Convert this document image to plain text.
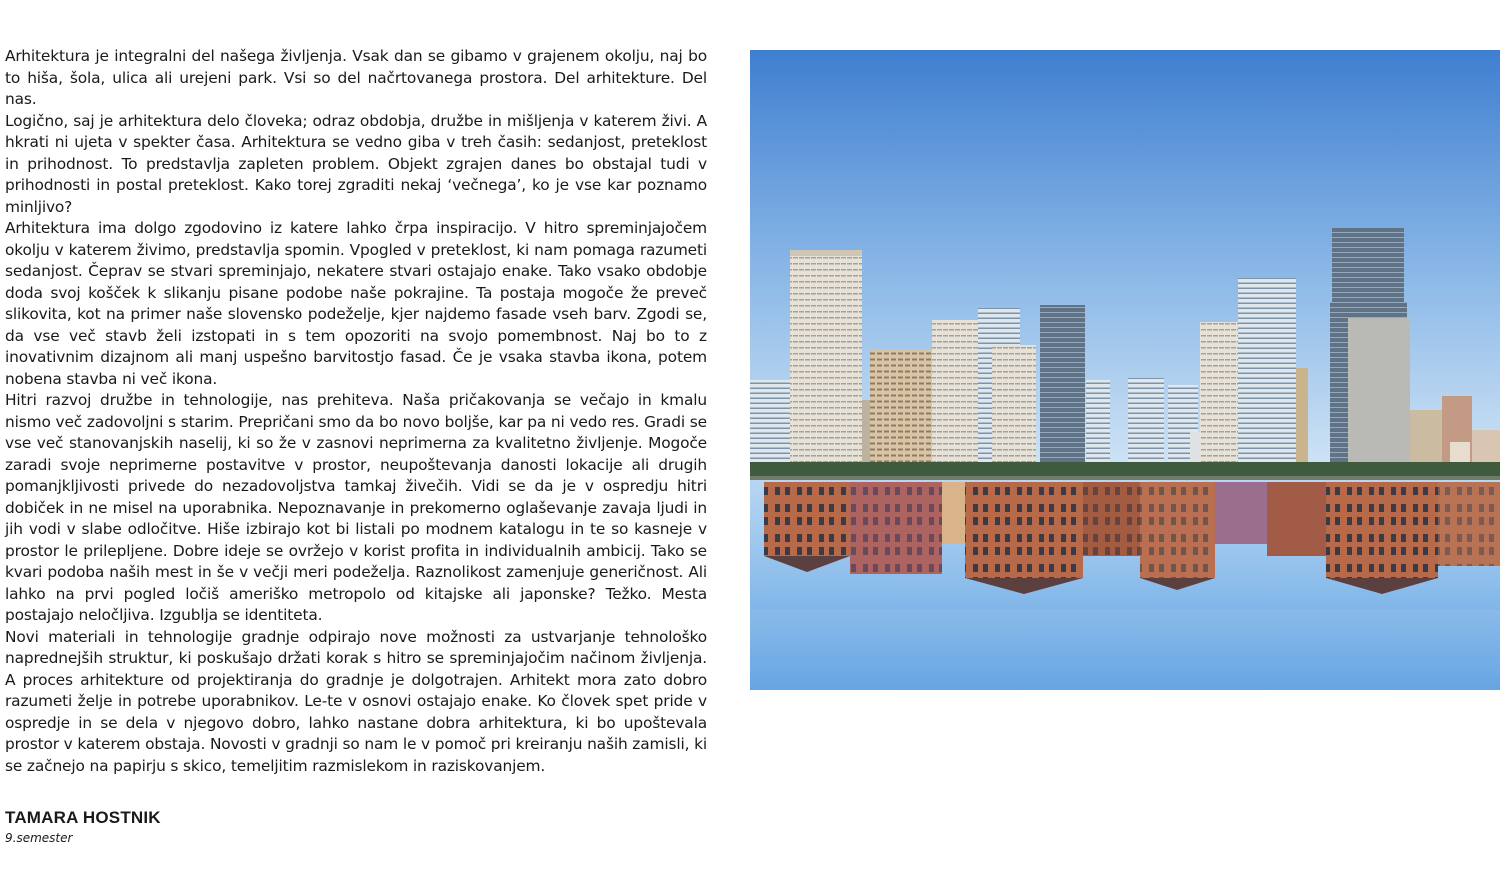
Arhitektura je integralni del našega življenja. Vsak dan se gibamo v grajenem okolju, naj bo to hiša, šola, ulica ali urejeni park. Vsi so del načrtovanega prostora. Del arhitekture. Del nas.

Logično, saj je arhitektura delo človeka; odraz obdobja, družbe in mišljenja v katerem živi. A hkrati ni ujeta v spekter časa. Arhitektura se vedno giba v treh časih: sedanjost, preteklost in prihodnost. To predstavlja zapleten problem. Objekt zgrajen danes bo obstajal tudi v prihodnosti in postal preteklost. Kako torej zgraditi nekaj ‘večnega’, ko je vse kar poznamo minljivo?

Arhitektura ima dolgo zgodovino iz katere lahko črpa inspiracijo. V hitro spreminjajočem okolju v katerem živimo, predstavlja spomin. Vpogled v preteklost, ki nam pomaga razumeti sedanjost. Čeprav se stvari spreminjajo, nekatere stvari ostajajo enake. Tako vsako obdobje doda svoj košček k slikanju pisane podobe naše pokrajine. Ta postaja mogoče že preveč slikovita, kot na primer naše slovensko podeželje, kjer najdemo fasade vseh barv. Zgodi se, da vse več stavb želi izstopati in s tem opozoriti na svojo pomembnost. Naj bo to z inovativnim dizajnom ali manj uspešno barvitostjo fasad. Če je vsaka stavba ikona, potem nobena stavba ni več ikona.

Hitri razvoj družbe in tehnologije, nas prehiteva. Naša pričakovanja se večajo in kmalu nismo več zadovoljni s starim. Prepričani smo da bo novo boljše, kar pa ni vedo res. Gradi se vse več stanovanjskih naselij, ki so že v zasnovi neprimerna za kvalitetno življenje. Mogoče zaradi svoje neprimerne postavitve v prostor, neupoštevanja danosti lokacije ali drugih pomanjkljivosti privede do nezadovoljstva tamkaj živečih. Vidi se da je v ospredju hitri dobiček in ne misel na uporabnika. Nepoznavanje in prekomerno oglaševanje zavaja ljudi in jih vodi v slabe odločitve. Hiše izbirajo kot bi listali po modnem katalogu in te so kasneje v prostor le prilepljene. Dobre ideje se ovržejo v korist profita in individualnih ambicij. Tako se kvari podoba naših mest in še v večji meri podeželja. Raznolikost zamenjuje generičnost. Ali lahko na prvi pogled ločiš ameriško metropolo od kitajske ali japonske? Težko. Mesta postajajo neločljiva. Izgublja se identiteta.

Novi materiali in tehnologije gradnje odpirajo nove možnosti za ustvarjanje tehnološko naprednejših struktur, ki poskušajo držati korak s hitro se spreminjajočim načinom življenja. A proces arhitekture od projektiranja do gradnje je dolgotrajen. Arhitekt mora zato dobro razumeti želje in potrebe uporabnikov. Le-te v osnovi ostajajo enake. Ko človek spet pride v ospredje in se dela v njegovo dobro, lahko nastane dobra arhitektura, ki bo upoštevala prostor v katerem obstaja. Novosti v gradnji so nam le v pomoč pri kreiranju naših zamisli, ki se začnejo na papirju s skico, temeljitim razmislekom in raziskovanjem.

TAMARA HOSTNIK
9.semester
